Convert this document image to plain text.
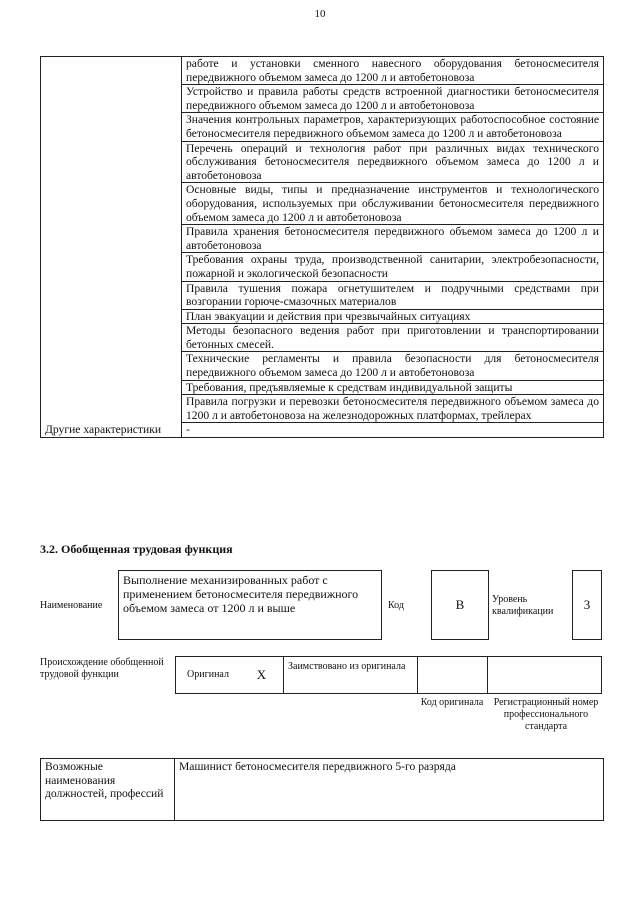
10
	работе и установки сменного навесного оборудования бетоносмесителя передвижного объемом замеса до 1200 л и автобетоновоза
	Устройство и правила работы средств встроенной диагностики бетоносмесителя передвижного объемом замеса до 1200 л и автобетоновоза
	Значения контрольных параметров, характеризующих работоспособное состояние бетоносмесителя передвижного объемом замеса до 1200 л и автобетоновоза
	Перечень операций и технология работ при различных видах технического обслуживания бетоносмесителя передвижного объемом замеса до 1200 л и автобетоновоза
	Основные виды, типы и предназначение инструментов и технологического оборудования, используемых при обслуживании бетоносмесителя передвижного объемом замеса до 1200 л и автобетоновоза
	Правила хранения бетоносмесителя передвижного объемом замеса до 1200 л и автобетоновоза
	Требования охраны труда, производственной санитарии, электробезопасности, пожарной и экологической безопасности
	Правила тушения пожара огнетушителем и подручными средствами при возгорании горюче-смазочных материалов
	План эвакуации и действия при чрезвычайных ситуациях
	Методы безопасного ведения работ при приготовлении и транспортировании бетонных смесей.
	Технические регламенты и правила безопасности для бетоносмесителя передвижного объемом замеса до 1200 л и автобетоновоза
	Требования, предъявляемые к средствам индивидуальной защиты
	Правила погрузки и перевозки бетоносмесителя передвижного объемом замеса до 1200 л и автобетоновоза на железнодорожных платформах, трейлерах
Другие характеристики	-
3.2. Обобщенная трудовая функция
Наименование
Выполнение механизированных работ с применением бетоносмесителя передвижного объемом замеса от 1200 л и выше	Код	B	Уровень квалификации	3
Происхождение обобщенной трудовой функции	Оригинал	X
Заимствовано из оригинала
Код оригинала	Регистрационный номер профессионального стандарта
Возможные наименования должностей, профессий	Машинист бетоносмесителя передвижного 5-го разряда
